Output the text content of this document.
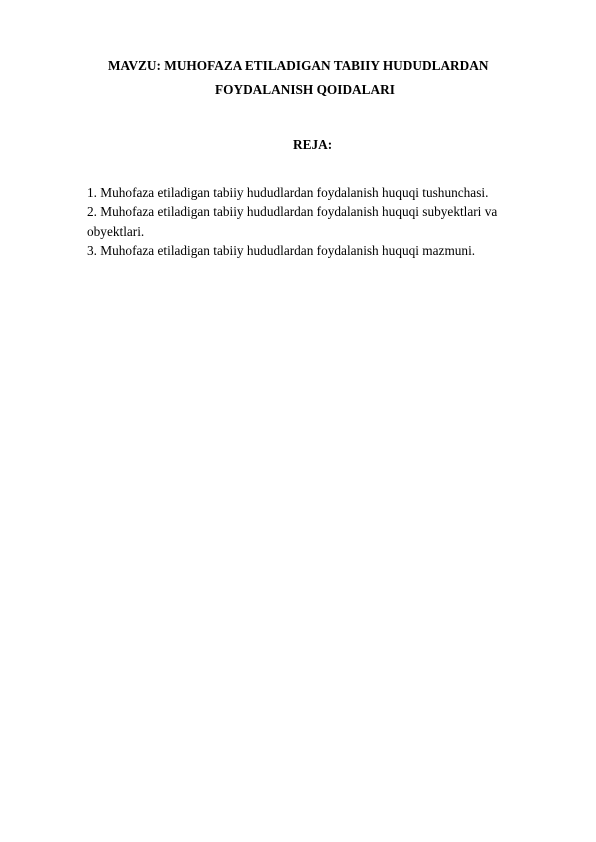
MAVZU: MUHOFAZA ETILADIGAN TABIIY HUDUDLARDAN
FOYDALANISH QOIDALARI
REJA:

1. Muhofaza etiladigan tabiiy hududlardan foydalanish huquqi tushunchasi.

2. Muhofaza etiladigan tabiiy hududlardan foydalanish huquqi subyektlari va obyektlari.

3. Muhofaza etiladigan tabiiy hududlardan foydalanish huquqi mazmuni.
